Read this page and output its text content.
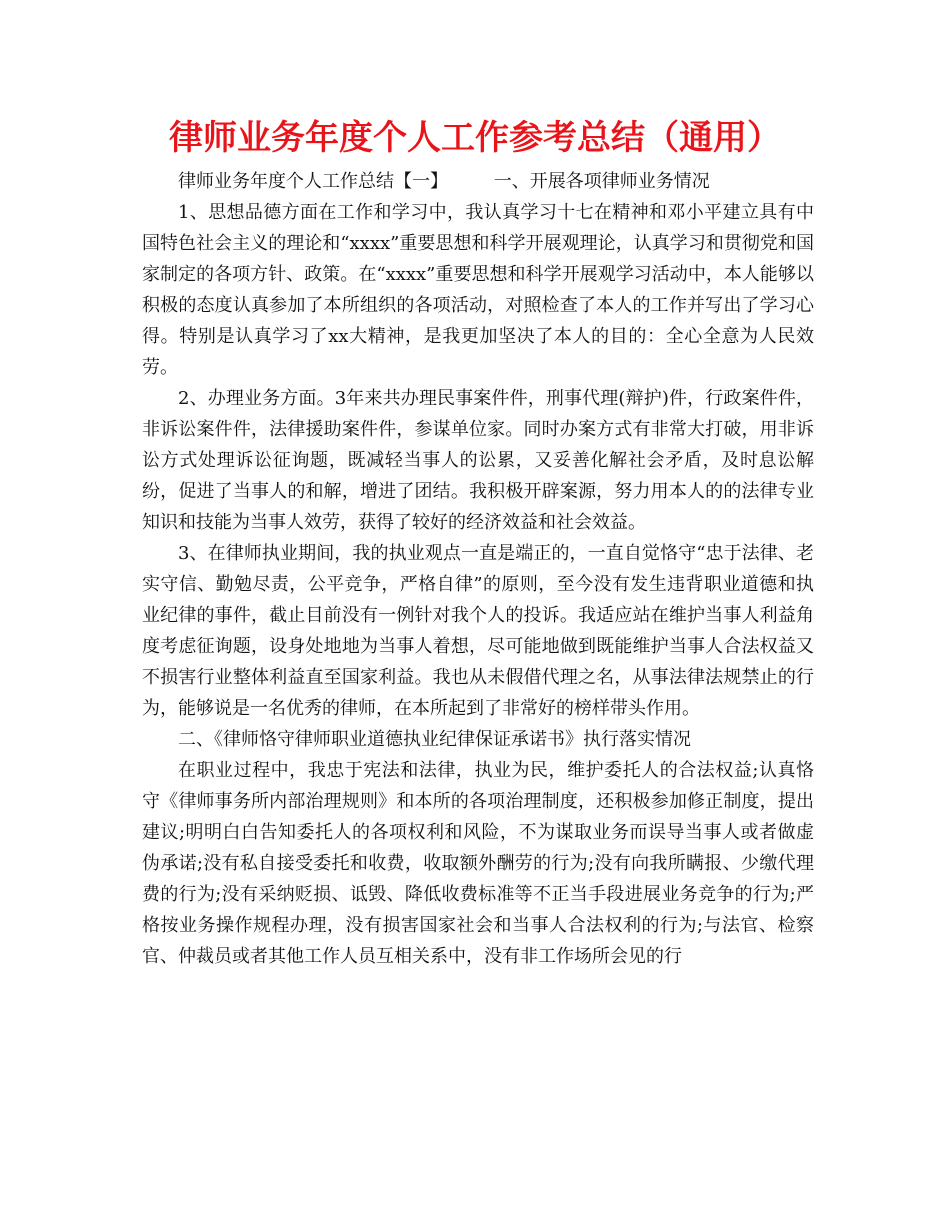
律师业务年度个人工作参考总结（通用）

律师业务年度个人工作总结【一】        一、开展各项律师业务情况

1、思想品德方面在工作和学习中，我认真学习十七在精神和邓小平建立具有中国特色社会主义的理论和“xxxx”重要思想和科学开展观理论，认真学习和贯彻党和国家制定的各项方针、政策。在“xxxx”重要思想和科学开展观学习活动中，本人能够以积极的态度认真参加了本所组织的各项活动，对照检查了本人的工作并写出了学习心得。特别是认真学习了xx大精神，是我更加坚决了本人的目的：全心全意为人民效劳。

2、办理业务方面。3年来共办理民事案件件，刑事代理(辩护)件，行政案件件，非诉讼案件件，法律援助案件件，参谋单位家。同时办案方式有非常大打破，用非诉讼方式处理诉讼征询题，既减轻当事人的讼累，又妥善化解社会矛盾，及时息讼解纷，促进了当事人的和解，增进了团结。我积极开辟案源，努力用本人的的法律专业知识和技能为当事人效劳，获得了较好的经济效益和社会效益。

3、在律师执业期间，我的执业观点一直是端正的，一直自觉恪守“忠于法律、老实守信、勤勉尽责，公平竞争，严格自律”的原则，至今没有发生违背职业道德和执业纪律的事件，截止目前没有一例针对我个人的投诉。我适应站在维护当事人利益角度考虑征询题，设身处地地为当事人着想，尽可能地做到既能维护当事人合法权益又不损害行业整体利益直至国家利益。我也从未假借代理之名，从事法律法规禁止的行为，能够说是一名优秀的律师，在本所起到了非常好的榜样带头作用。

二、《律师恪守律师职业道德执业纪律保证承诺书》执行落实情况

在职业过程中，我忠于宪法和法律，执业为民，维护委托人的合法权益;认真恪守《律师事务所内部治理规则》和本所的各项治理制度，还积极参加修正制度，提出建议;明明白白告知委托人的各项权利和风险，不为谋取业务而误导当事人或者做虚伪承诺;没有私自接受委托和收费，收取额外酬劳的行为;没有向我所瞒报、少缴代理费的行为;没有采纳贬损、诋毁、降低收费标准等不正当手段进展业务竞争的行为;严格按业务操作规程办理，没有损害国家社会和当事人合法权利的行为;与法官、检察官、仲裁员或者其他工作人员互相关系中，没有非工作场所会见的行
